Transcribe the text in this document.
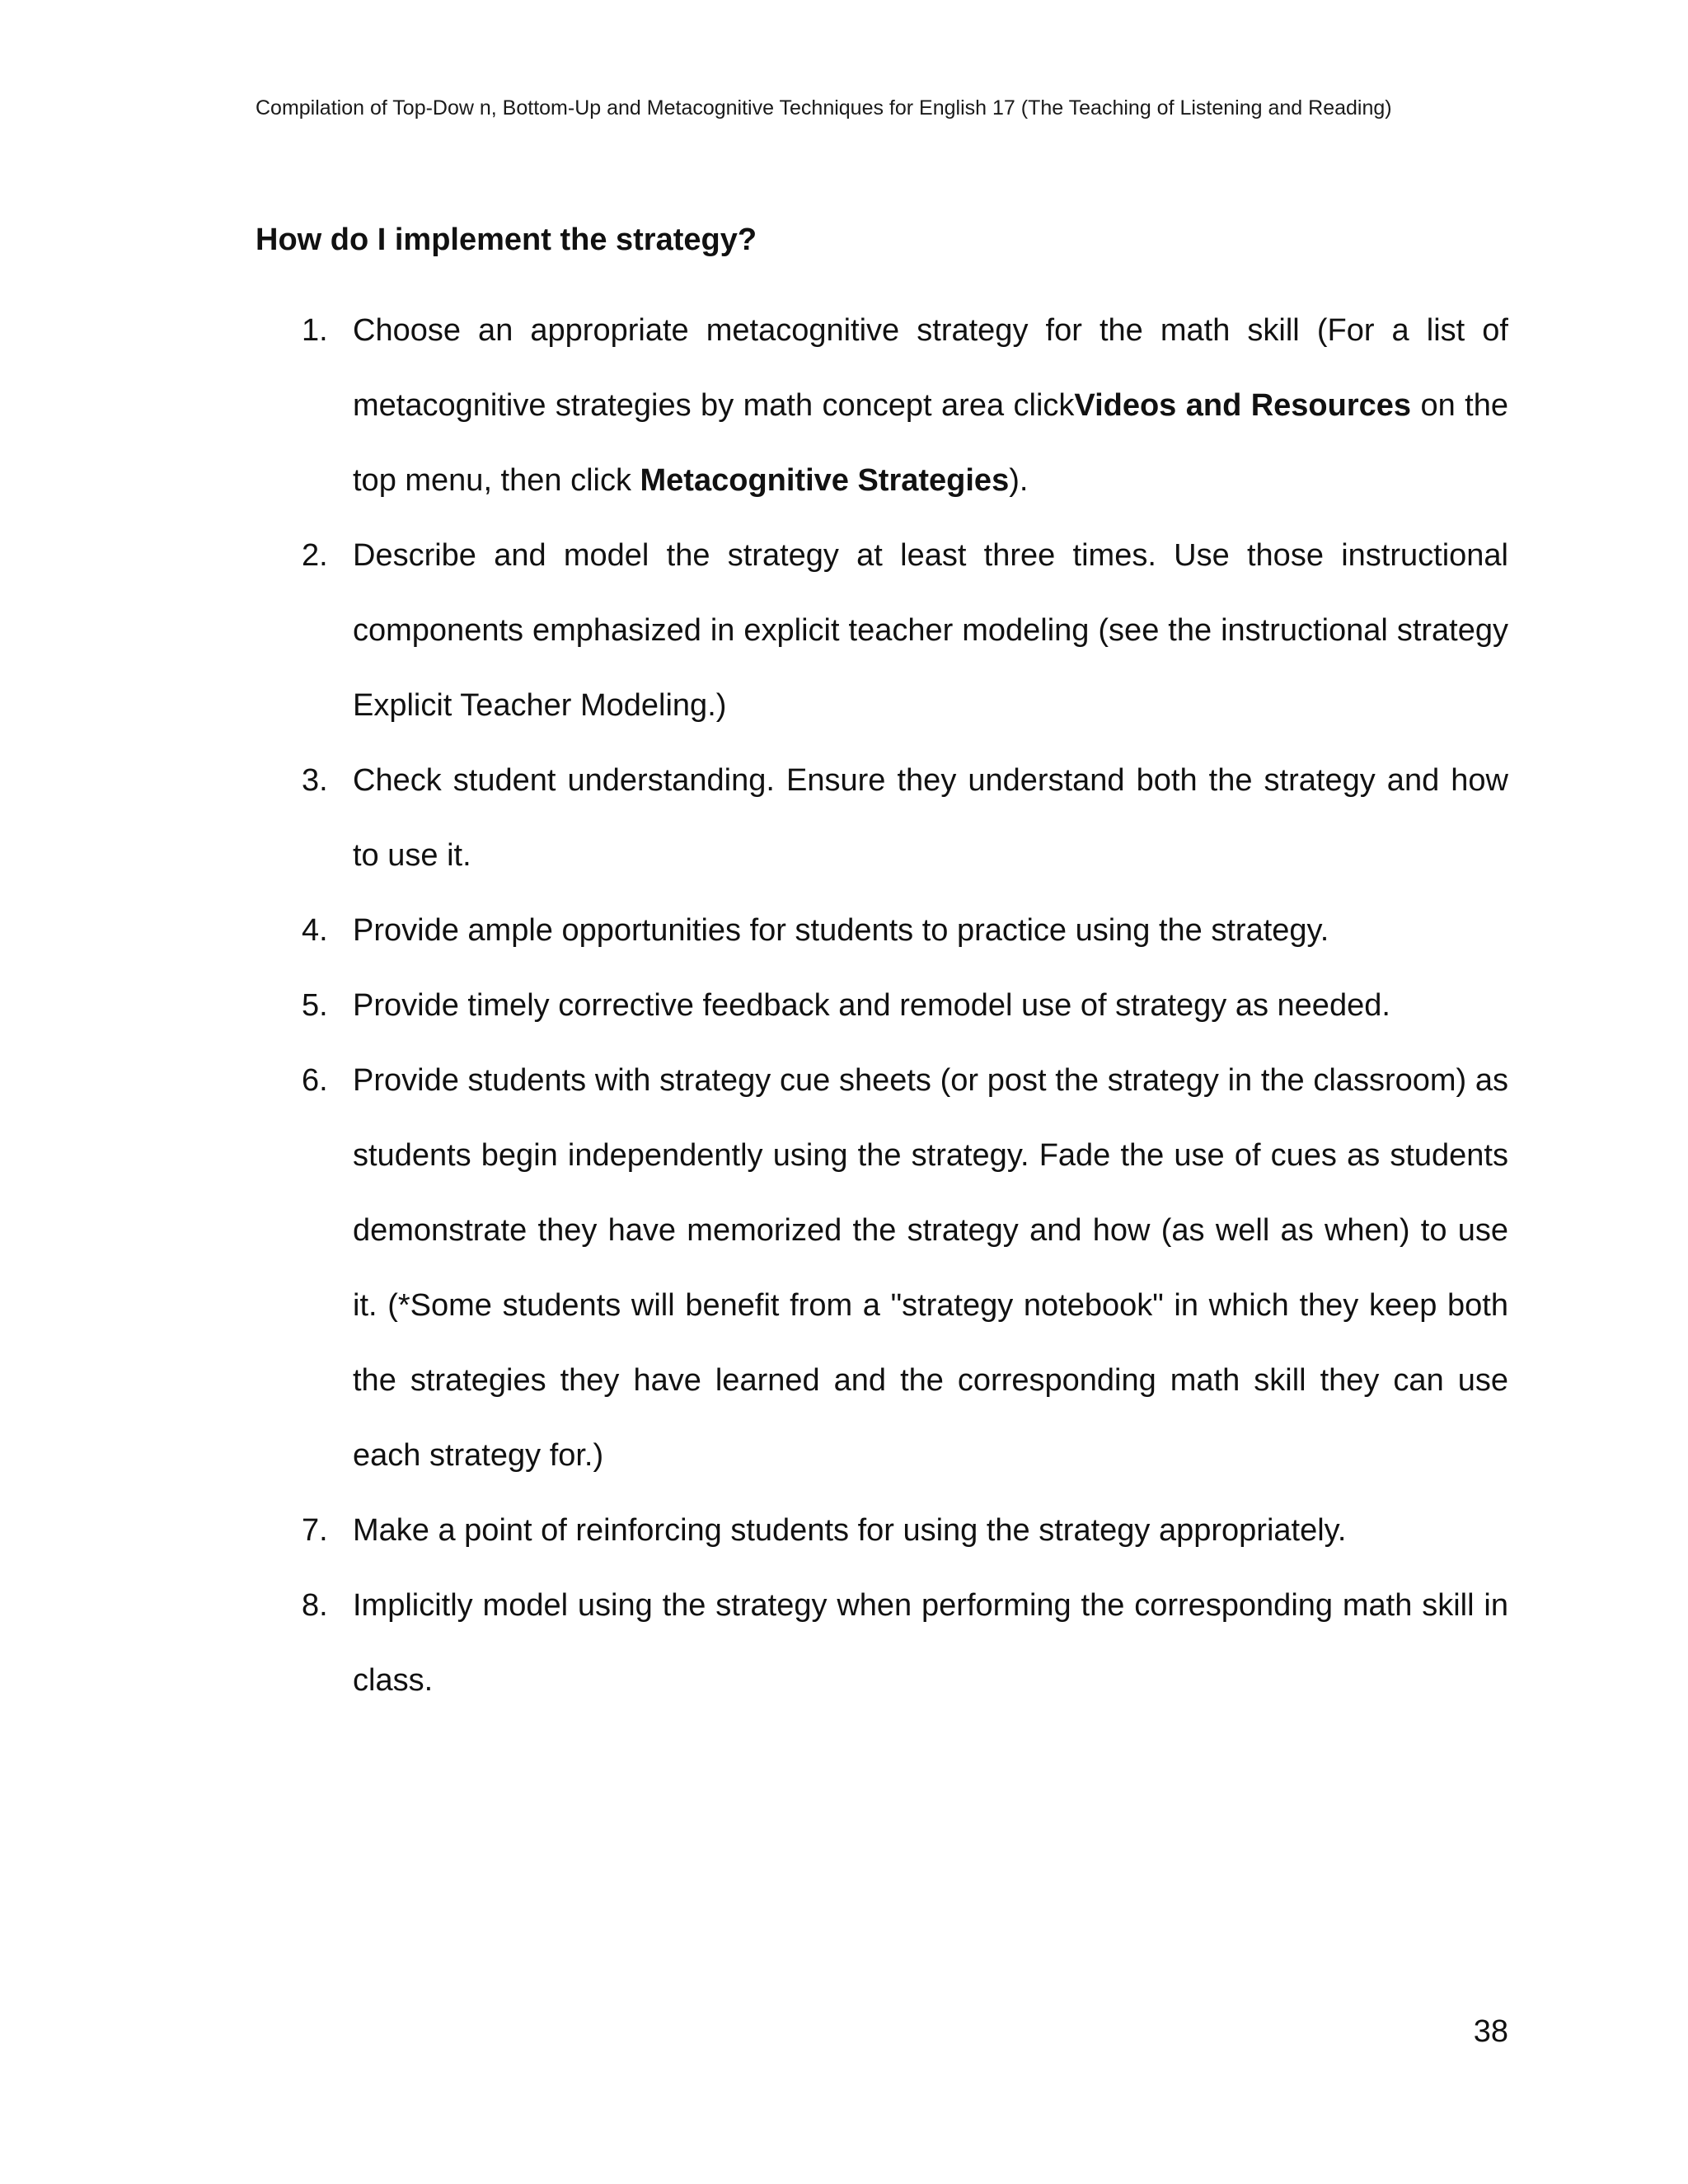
Compilation of Top-Dow n, Bottom-Up and Metacognitive Techniques for English 17 (The Teaching of Listening and Reading)
How do I implement the strategy?
1. Choose an appropriate metacognitive strategy for the math skill (For a list of metacognitive strategies by math concept area clickVideos and Resources on the top menu, then click Metacognitive Strategies).
2. Describe and model the strategy at least three times. Use those instructional components emphasized in explicit teacher modeling (see the instructional strategy Explicit Teacher Modeling.)
3. Check student understanding. Ensure they understand both the strategy and how to use it.
4. Provide ample opportunities for students to practice using the strategy.
5. Provide timely corrective feedback and remodel use of strategy as needed.
6. Provide students with strategy cue sheets (or post the strategy in the classroom) as students begin independently using the strategy. Fade the use of cues as students demonstrate they have memorized the strategy and how (as well as when) to use it. (*Some students will benefit from a "strategy notebook" in which they keep both the strategies they have learned and the corresponding math skill they can use each strategy for.)
7. Make a point of reinforcing students for using the strategy appropriately.
8. Implicitly model using the strategy when performing the corresponding math skill in class.
38
